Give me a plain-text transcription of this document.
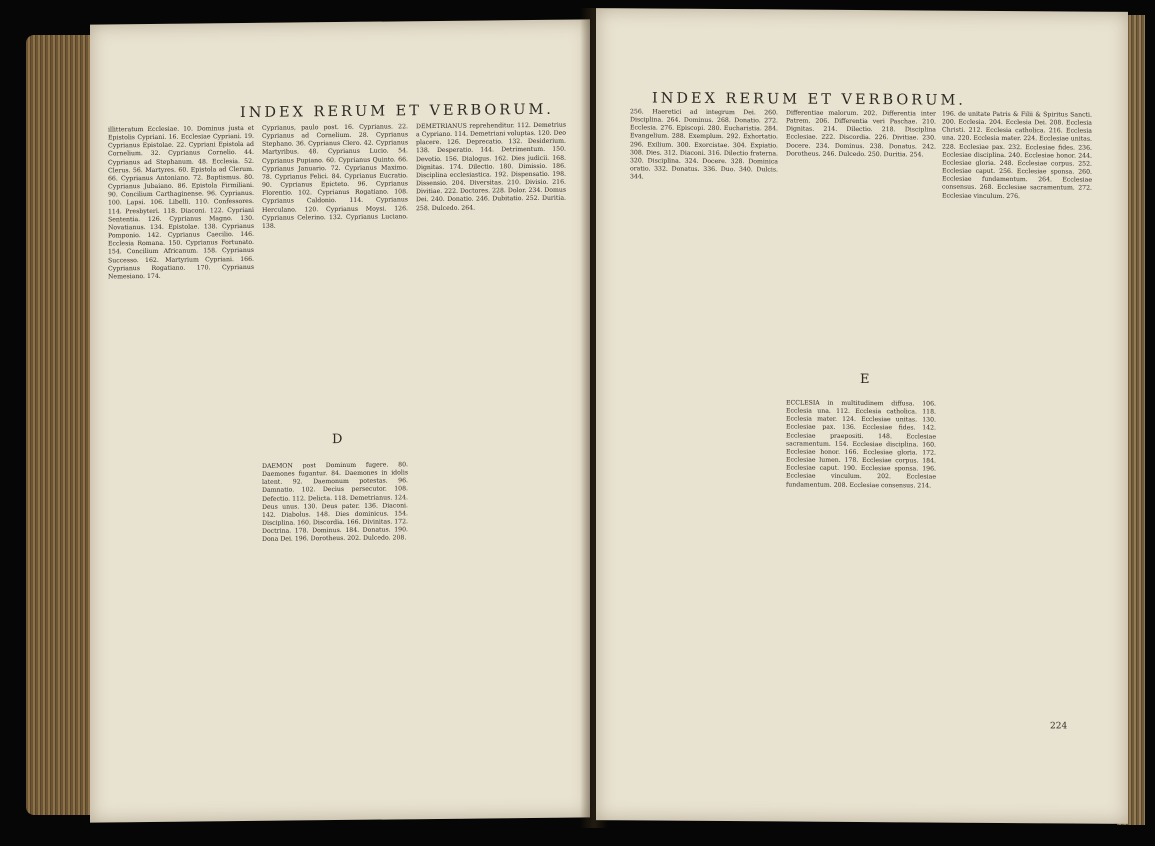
INDEX RERUM ET VERBORUM.

illitteratum Ecclesiae. 10. Dominus justa et Epistolis Cypriani. 16. Ecclesiae Cypriani. 19. Cyprianus Epistolae. 22. Cypriani Epistola ad Cornelium. 32. Cyprianus Cornelio. 44. Cyprianus ad Stephanum. 48. Ecclesia. 52. Clerus. 56. Martyres. 60. Epistola ad Clerum. 66. Cyprianus Antoniano. 72. Baptismus. 80. Cyprianus Jubaiano. 86. Epistola Firmiliani. 90. Concilium Carthaginense. 96. Cyprianus. 100. Lapsi. 106. Libelli. 110. Confessores. 114. Presbyteri. 118. Diaconi. 122. Cypriani Sententia. 126. Cyprianus Magno. 130. Novatianus. 134. Epistolae. 138. Cyprianus Pomponio. 142. Cyprianus Caecilio. 146. Ecclesia Romana. 150. Cyprianus Fortunato. 154. Concilium Africanum. 158. Cyprianus Successo. 162. Martyrium Cypriani. 166. Cyprianus Rogatiano. 170. Cyprianus Nemesiano. 174.

Cyprianus, paulo post. 16. Cyprianus. 22. Cyprianus ad Cornelium. 28. Cyprianus Stephano. 36. Cyprianus Clero. 42. Cyprianus Martyribus. 48. Cyprianus Lucio. 54. Cyprianus Pupiano. 60. Cyprianus Quinto. 66. Cyprianus Januario. 72. Cyprianus Maximo. 78. Cyprianus Felici. 84. Cyprianus Eucratio. 90. Cyprianus Epicteto. 96. Cyprianus Florentio. 102. Cyprianus Rogatiano. 108. Cyprianus Caldonio. 114. Cyprianus Herculano. 120. Cyprianus Moysi. 126. Cyprianus Celerino. 132. Cyprianus Luciano. 138.

D

DAEMON post Dominum fugere. 80. Daemones fugantur. 84. Daemones in idolis latent. 92. Daemonum potestas. 96. Damnatio. 102. Decius persecutor. 108. Defectio. 112. Delicta. 118. Demetrianus. 124. Deus unus. 130. Deus pater. 136. Diaconi. 142. Diabolus. 148. Dies dominicus. 154. Disciplina. 160. Discordia. 166. Divinitas. 172. Doctrina. 178. Dominus. 184. Donatus. 190. Dona Dei. 196. Dorotheus. 202. Dulcedo. 208.

DEMETRIANUS reprehenditur. 112. Demetrius a Cypriano. 114. Demetriani voluptas. 120. Deo placere. 126. Deprecatio. 132. Desiderium. 138. Desperatio. 144. Detrimentum. 150. Devotio. 156. Dialogus. 162. Dies judicii. 168. Dignitas. 174. Dilectio. 180. Dimissio. 186. Disciplina ecclesiastica. 192. Dispensatio. 198. Dissensio. 204. Diversitas. 210. Divisio. 216. Divitiae. 222. Doctores. 228. Dolor. 234. Domus Dei. 240. Donatio. 246. Dubitatio. 252. Duritia. 258. Dulcedo. 264.

INDEX RERUM ET VERBORUM.

256. Haeretici ad integrum Dei. 260. Disciplina. 264. Dominus. 268. Donatio. 272. Ecclesia. 276. Episcopi. 280. Eucharistia. 284. Evangelium. 288. Exemplum. 292. Exhortatio. 296. Exilium. 300. Exorcistae. 304. Expiatio. 308. Dies. 312. Diaconi. 316. Dilectio fraterna. 320. Disciplina. 324. Docere. 328. Dominica oratio. 332. Donatus. 336. Duo. 340. Dulcis. 344.

Differentiae malorum. 202. Differentia inter Patrem. 206. Differentia veri Paschae. 210. Dignitas. 214. Dilectio. 218. Disciplina Ecclesiae. 222. Discordia. 226. Divitiae. 230. Docere. 234. Dominus. 238. Donatus. 242. Dorotheus. 246. Dulcedo. 250. Duritia. 254.

E

ECCLESIA in multitudinem diffusa. 106. Ecclesia una. 112. Ecclesia catholica. 118. Ecclesia mater. 124. Ecclesiae unitas. 130. Ecclesiae pax. 136. Ecclesiae fides. 142. Ecclesiae praepositi. 148. Ecclesiae sacramentum. 154. Ecclesiae disciplina. 160. Ecclesiae honor. 166. Ecclesiae gloria. 172. Ecclesiae lumen. 178. Ecclesiae corpus. 184. Ecclesiae caput. 190. Ecclesiae sponsa. 196. Ecclesiae vinculum. 202. Ecclesiae fundamentum. 208. Ecclesiae consensus. 214.

196. de unitate Patris & Filii & Spiritus Sancti. 200. Ecclesia. 204. Ecclesia Dei. 208. Ecclesia Christi. 212. Ecclesia catholica. 216. Ecclesia una. 220. Ecclesia mater. 224. Ecclesiae unitas. 228. Ecclesiae pax. 232. Ecclesiae fides. 236. Ecclesiae disciplina. 240. Ecclesiae honor. 244. Ecclesiae gloria. 248. Ecclesiae corpus. 252. Ecclesiae caput. 256. Ecclesiae sponsa. 260. Ecclesiae fundamentum. 264. Ecclesiae consensus. 268. Ecclesiae sacramentum. 272. Ecclesiae vinculum. 276.

224
